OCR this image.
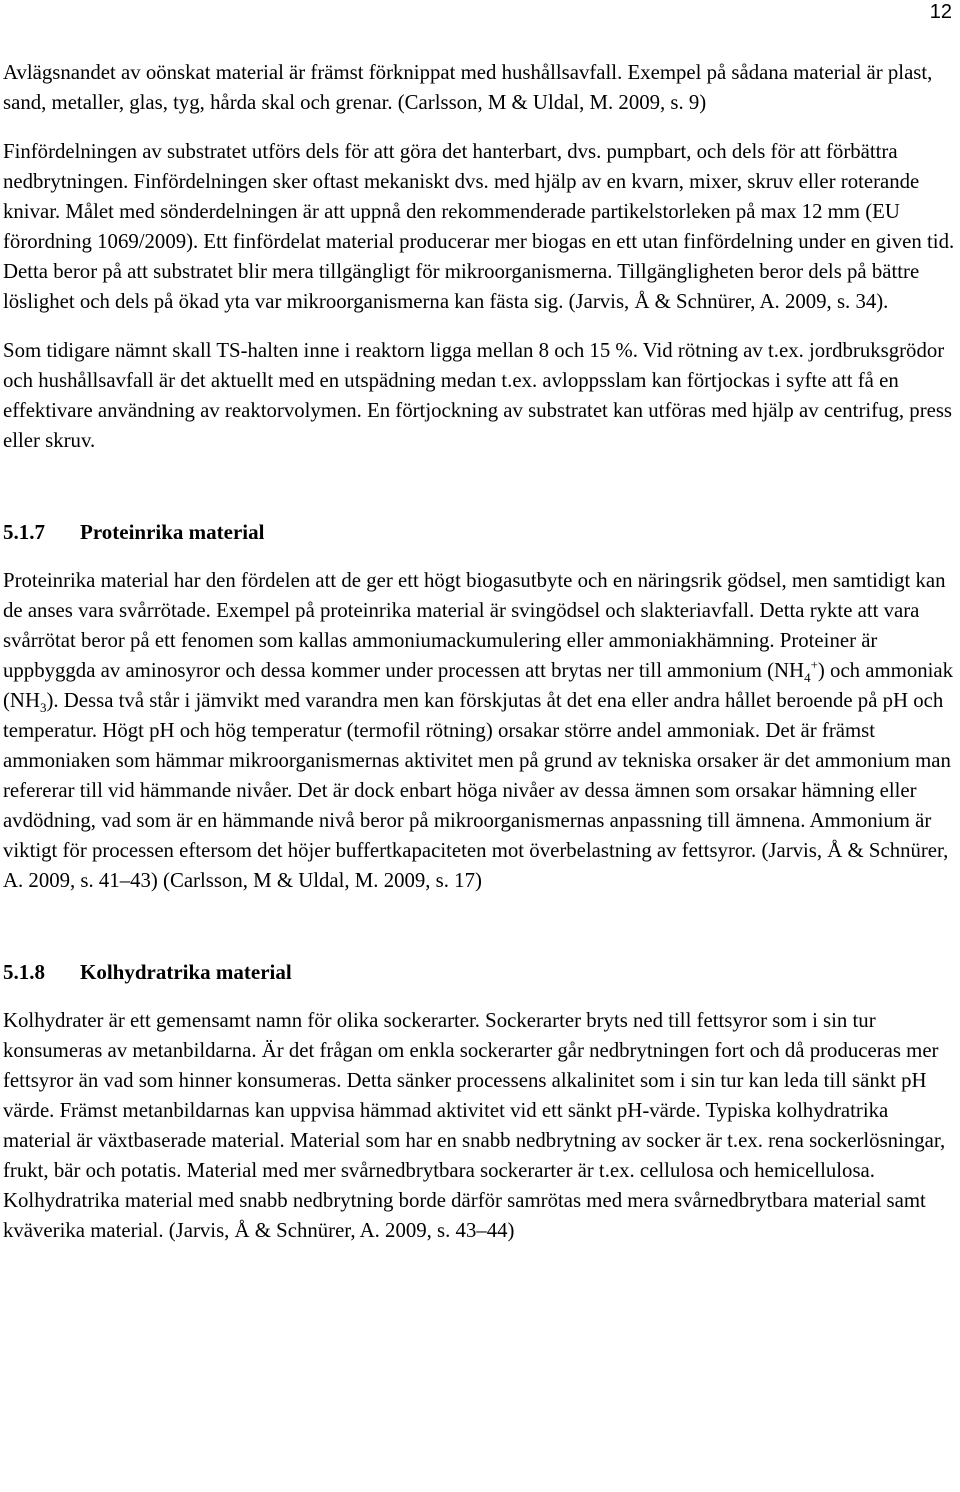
12

Avlägsnandet av oönskat material är främst förknippat med hushållsavfall. Exempel på sådana material är plast, sand, metaller, glas, tyg, hårda skal och grenar. (Carlsson, M & Uldal, M. 2009, s. 9)

Finfördelningen av substratet utförs dels för att göra det hanterbart, dvs. pumpbart, och dels för att förbättra nedbrytningen. Finfördelningen sker oftast mekaniskt dvs. med hjälp av en kvarn, mixer, skruv eller roterande knivar. Målet med sönderdelningen är att uppnå den rekommenderade partikelstorleken på max 12 mm (EU förordning 1069/2009). Ett finfördelat material producerar mer biogas en ett utan finfördelning under en given tid. Detta beror på att substratet blir mera tillgängligt för mikroorganismerna. Tillgängligheten beror dels på bättre löslighet och dels på ökad yta var mikroorganismerna kan fästa sig. (Jarvis, Å & Schnürer, A. 2009, s. 34).

Som tidigare nämnt skall TS-halten inne i reaktorn ligga mellan 8 och 15 %. Vid rötning av t.ex. jordbruksgrödor och hushållsavfall är det aktuellt med en utspädning medan t.ex. avloppsslam kan förtjockas i syfte att få en effektivare användning av reaktorvolymen. En förtjockning av substratet kan utföras med hjälp av centrifug, press eller skruv.

5.1.7 Proteinrika material

Proteinrika material har den fördelen att de ger ett högt biogasutbyte och en näringsrik gödsel, men samtidigt kan de anses vara svårrötade. Exempel på proteinrika material är svingödsel och slakteriavfall. Detta rykte att vara svårrötat beror på ett fenomen som kallas ammoniumackumulering eller ammoniakhämning. Proteiner är uppbyggda av aminosyror och dessa kommer under processen att brytas ner till ammonium $(NH_4^+)$ och ammoniak $(NH_3)$. Dessa två står i jämvikt med varandra men kan förskjutas åt det ena eller andra hållet beroende på pH och temperatur. Högt pH och hög temperatur (termofil rötning) orsakar större andel ammoniak. Det är främst ammoniaken som hämmar mikroorganismernas aktivitet men på grund av tekniska orsaker är det ammonium man refererar till vid hämmande nivåer. Det är dock enbart höga nivåer av dessa ämnen som orsakar hämning eller avdödning, vad som är en hämmande nivå beror på mikroorganismernas anpassning till ämnena. Ammonium är viktigt för processen eftersom det höjer buffertkapaciteten mot överbelastning av fettsyror. (Jarvis, Å & Schnürer, A. 2009, s. 41–43) (Carlsson, M & Uldal, M. 2009, s. 17)

5.1.8 Kolhydratrika material

Kolhydrater är ett gemensamt namn för olika sockerarter. Sockerarter bryts ned till fettsyror som i sin tur konsumeras av metanbildarna. Är det frågan om enkla sockerarter går nedbrytningen fort och då produceras mer fettsyror än vad som hinner konsumeras. Detta sänker processens alkalinitet som i sin tur kan leda till sänkt pH värde. Främst metanbildarnas kan uppvisa hämmad aktivitet vid ett sänkt pH-värde. Typiska kolhydratrika material är växtbaserade material. Material som har en snabb nedbrytning av socker är t.ex. rena sockerlösningar, frukt, bär och potatis. Material med mer svårnedbrytbara sockerarter är t.ex. cellulosa och hemicellulosa. Kolhydratrika material med snabb nedbrytning borde därför samrötas med mera svårnedbrytbara material samt kväverika material. (Jarvis, Å & Schnürer, A. 2009, s. 43–44)
